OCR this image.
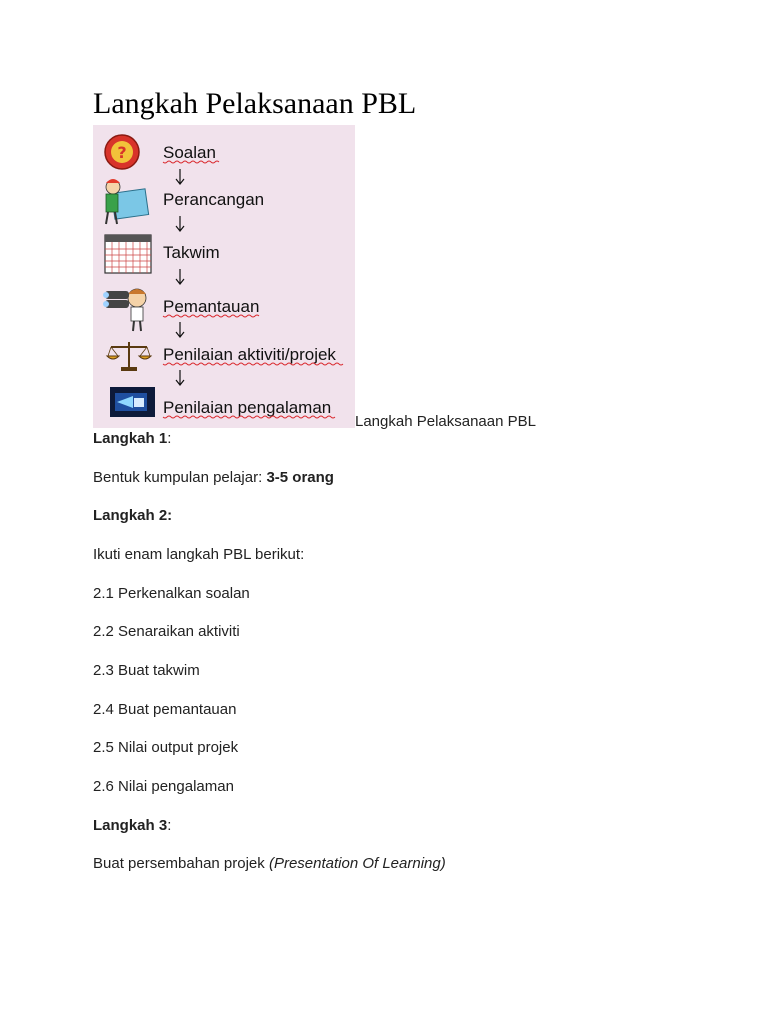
Langkah Pelaksanaan PBL
? Soalan
Perancangan
Takwim
Pemantauan
Penilaian aktiviti/projek
Penilaian pengalaman
Langkah Pelaksanaan PBL

Langkah 1:

Bentuk kumpulan pelajar: 3-5 orang

Langkah 2:

Ikuti enam langkah PBL berikut:

2.1 Perkenalkan soalan

2.2 Senaraikan aktiviti

2.3 Buat takwim

2.4 Buat pemantauan

2.5 Nilai output projek

2.6 Nilai pengalaman

Langkah 3:

Buat persembahan projek (Presentation Of Learning)
